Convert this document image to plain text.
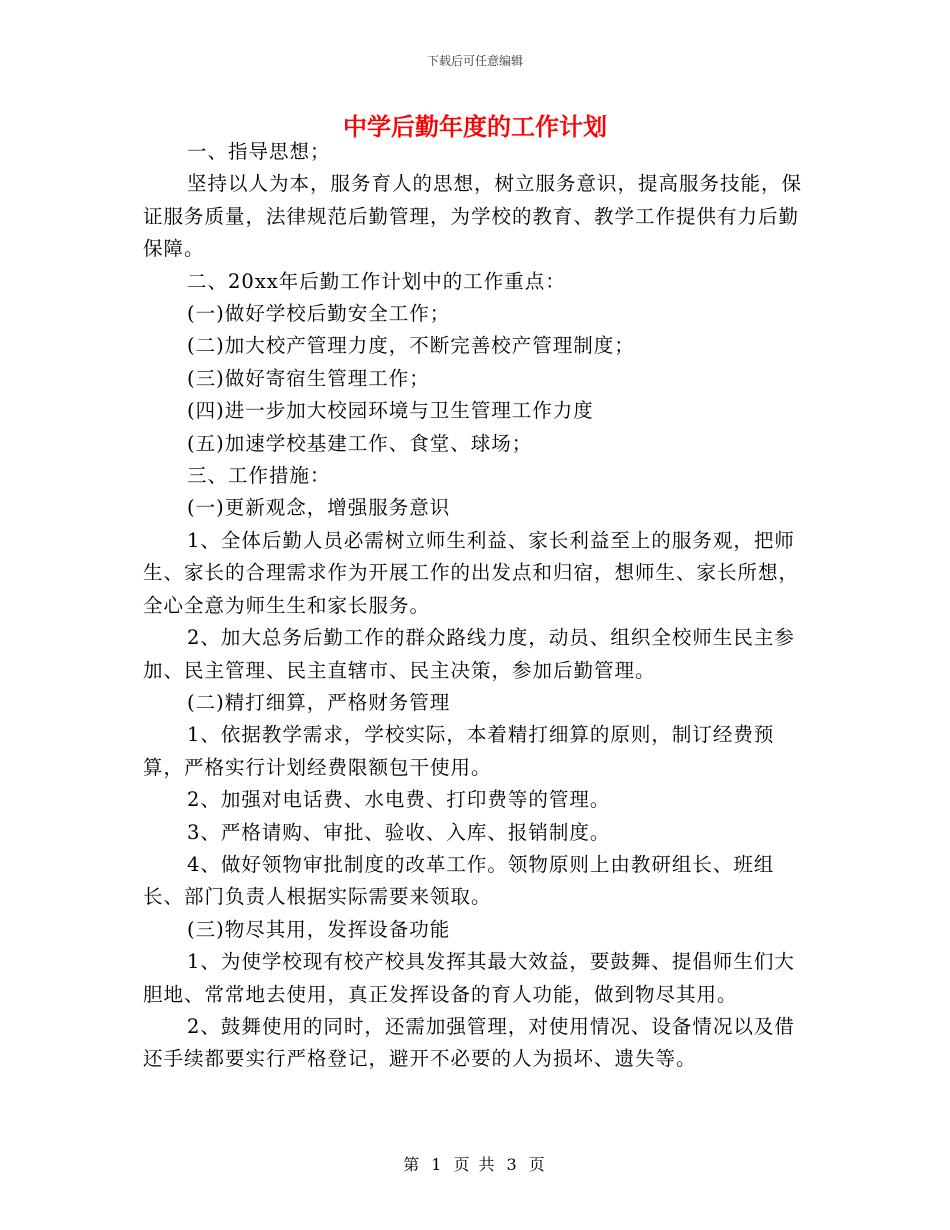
下载后可任意编辑
中学后勤年度的工作计划

一、指导思想；

坚持以人为本，服务育人的思想，树立服务意识，提高服务技能，保证服务质量，法律规范后勤管理，为学校的教育、教学工作提供有力后勤保障。

二、20xx年后勤工作计划中的工作重点：

(一)做好学校后勤安全工作；

(二)加大校产管理力度，不断完善校产管理制度；

(三)做好寄宿生管理工作；

(四)进一步加大校园环境与卫生管理工作力度

(五)加速学校基建工作、食堂、球场；

三、工作措施：

(一)更新观念，增强服务意识

1、全体后勤人员必需树立师生利益、家长利益至上的服务观，把师生、家长的合理需求作为开展工作的出发点和归宿，想师生、家长所想，全心全意为师生生和家长服务。

2、加大总务后勤工作的群众路线力度，动员、组织全校师生民主参加、民主管理、民主直辖市、民主决策，参加后勤管理。

(二)精打细算，严格财务管理

1、依据教学需求，学校实际，本着精打细算的原则，制订经费预算，严格实行计划经费限额包干使用。

2、加强对电话费、水电费、打印费等的管理。

3、严格请购、审批、验收、入库、报销制度。

4、做好领物审批制度的改革工作。领物原则上由教研组长、班组长、部门负责人根据实际需要来领取。

(三)物尽其用，发挥设备功能

1、为使学校现有校产校具发挥其最大效益，要鼓舞、提倡师生们大胆地、常常地去使用，真正发挥设备的育人功能，做到物尽其用。

2、鼓舞使用的同时，还需加强管理，对使用情况、设备情况以及借还手续都要实行严格登记，避开不必要的人为损坏、遗失等。

第 1 页 共 3 页
